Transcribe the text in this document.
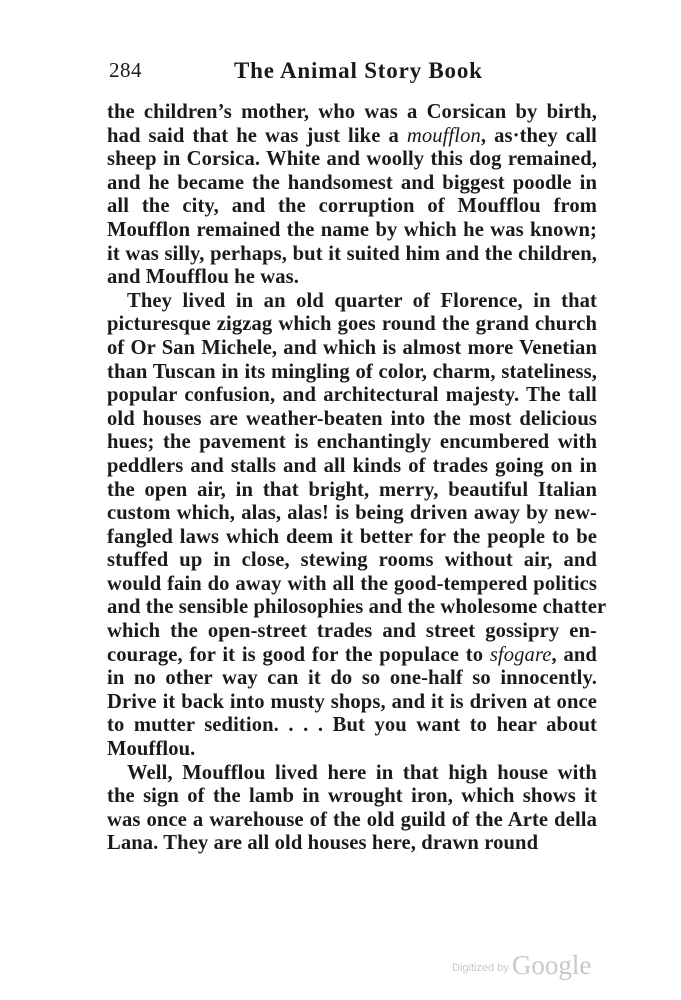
284	The Animal Story Book
the children’s mother, who was a Corsican by birth,
had said that he was just like a moufflon, as·they call
sheep in Corsica. White and woolly this dog remained,
and he became the handsomest and biggest poodle in
all the city, and the corruption of Moufflou from
Moufflon remained the name by which he was known;
it was silly, perhaps, but it suited him and the children,
and Moufflou he was.
They lived in an old quarter of Florence, in that
picturesque zigzag which goes round the grand church
of Or San Michele, and which is almost more Venetian
than Tuscan in its mingling of color, charm, stateliness,
popular confusion, and architectural majesty. The tall
old houses are weather-beaten into the most delicious
hues; the pavement is enchantingly encumbered with
peddlers and stalls and all kinds of trades going on in
the open air, in that bright, merry, beautiful Italian
custom which, alas, alas! is being driven away by new-
fangled laws which deem it better for the people to be
stuffed up in close, stewing rooms without air, and
would fain do away with all the good-tempered politics
and the sensible philosophies and the wholesome chatter
which the open-street trades and street gossipry en-
courage, for it is good for the populace to sfogare, and
in no other way can it do so one-half so innocently.
Drive it back into musty shops, and it is driven at once
to mutter sedition. . . . But you want to hear about
Moufflou.
Well, Moufflou lived here in that high house with
the sign of the lamb in wrought iron, which shows it
was once a warehouse of the old guild of the Arte della
Lana. They are all old houses here, drawn round
Digitized by Google
